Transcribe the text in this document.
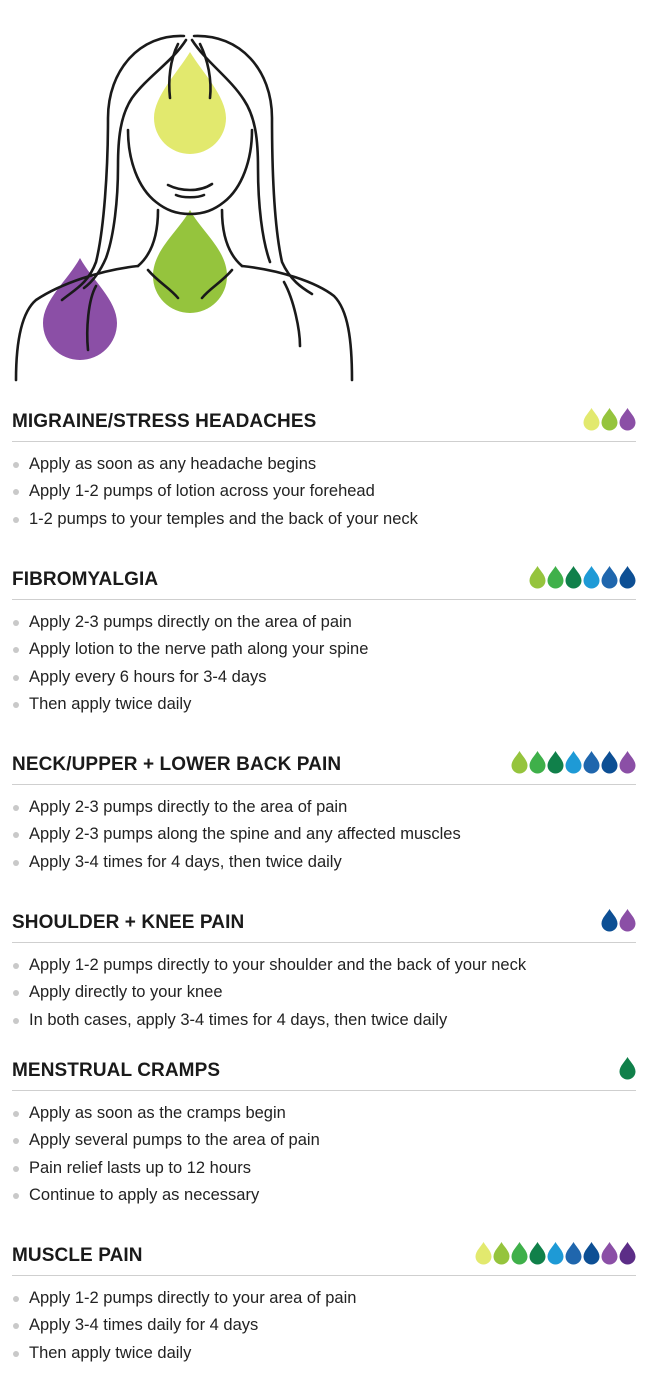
MIGRAINE/STRESS HEADACHES
Apply as soon as any headache begins
Apply 1-2 pumps of lotion across your forehead
1-2 pumps to your temples and the back of your neck
FIBROMYALGIA
Apply 2-3 pumps directly on the area of pain
Apply lotion to the nerve path along your spine
Apply every 6 hours for 3-4 days
Then apply twice daily
NECK/UPPER + LOWER BACK PAIN
Apply 2-3 pumps directly to the area of pain
Apply 2-3 pumps along the spine and any affected muscles
Apply 3-4 times for 4 days, then twice daily
SHOULDER + KNEE PAIN
Apply 1-2 pumps directly to your shoulder and the back of your neck
Apply directly to your knee
In both cases, apply 3-4 times for 4 days, then twice daily
MENSTRUAL CRAMPS
Apply as soon as the cramps begin
Apply several pumps to the area of pain
Pain relief lasts up to 12 hours
Continue to apply as necessary
MUSCLE PAIN
Apply 1-2 pumps directly to your area of pain
Apply 3-4 times daily for 4 days
Then apply twice daily
